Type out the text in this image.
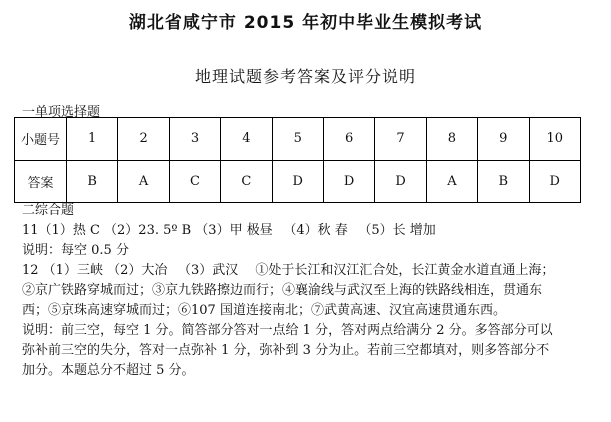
湖北省咸宁市 2015 年初中毕业生模拟考试
地理试题参考答案及评分说明
一单项选择题
小题号	1	2	3	4	5	6	7	8	9	10
答案	B	A	C	C	D	D	D	A	B	D

二综合题

11（1）热 C （2）23. 5º B （3）甲 极昼 　（4）秋 春 　（5）长 增加

说明：每空 0.5 分

12 （1）三峡 （2）大冶 　（3）武汉 　①处于长江和汉江汇合处，长江黄金水道直通上海；

②京广铁路穿城而过；③京九铁路擦边而行；④襄渝线与武汉至上海的铁路线相连，贯通东

西；⑤京珠高速穿城而过；⑥107 国道连接南北；⑦武黄高速、汉宜高速贯通东西。

说明：前三空，每空 1 分。简答部分答对一点给 1 分，答对两点给满分 2 分。多答部分可以

弥补前三空的失分，答对一点弥补 1 分，弥补到 3 分为止。若前三空都填对，则多答部分不

加分。本题总分不超过 5 分。
